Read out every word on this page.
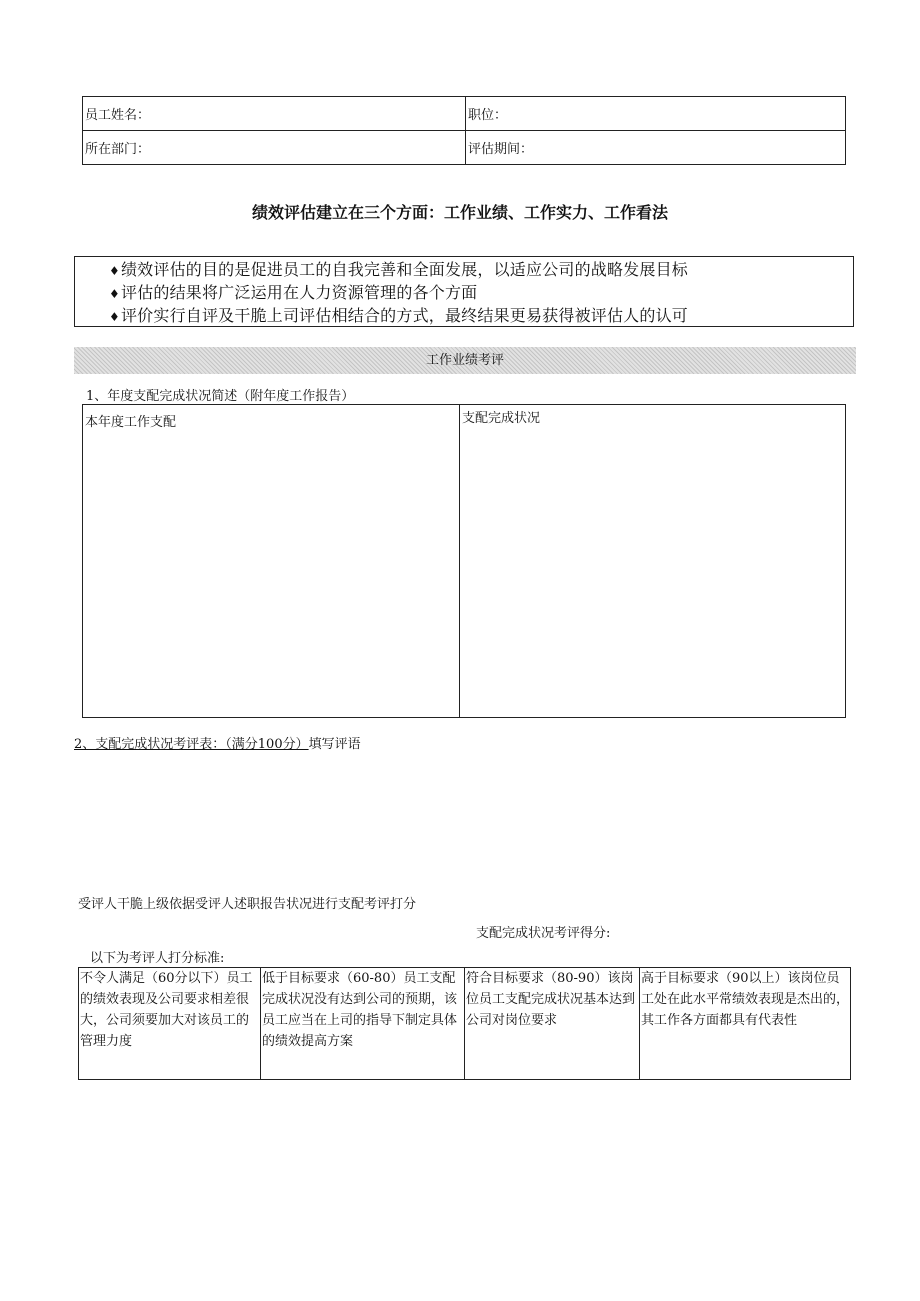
员工姓名：	职位：
所在部门：	评估期间：
绩效评估建立在三个方面：工作业绩、工作实力、工作看法
♦绩效评估的目的是促进员工的自我完善和全面发展，以适应公司的战略发展目标
♦评估的结果将广泛运用在人力资源管理的各个方面
♦评价实行自评及干脆上司评估相结合的方式，最终结果更易获得被评估人的认可
工作业绩考评
1、年度支配完成状况简述（附年度工作报告）
本年度工作支配	支配完成状况
2、支配完成状况考评表：（满分100分）填写评语
受评人干脆上级依据受评人述职报告状况进行支配考评打分
支配完成状况考评得分:
以下为考评人打分标准:
不令人满足（60分以下）员工的绩效表现及公司要求相差很大，公司须要加大对该员工的管理力度	低于目标要求（60-80）员工支配完成状况没有达到公司的预期，该员工应当在上司的指导下制定具体的绩效提高方案	符合目标要求（80-90）该岗位员工支配完成状况基本达到公司对岗位要求	高于目标要求（90以上）该岗位员工处在此水平常绩效表现是杰出的，其工作各方面都具有代表性
